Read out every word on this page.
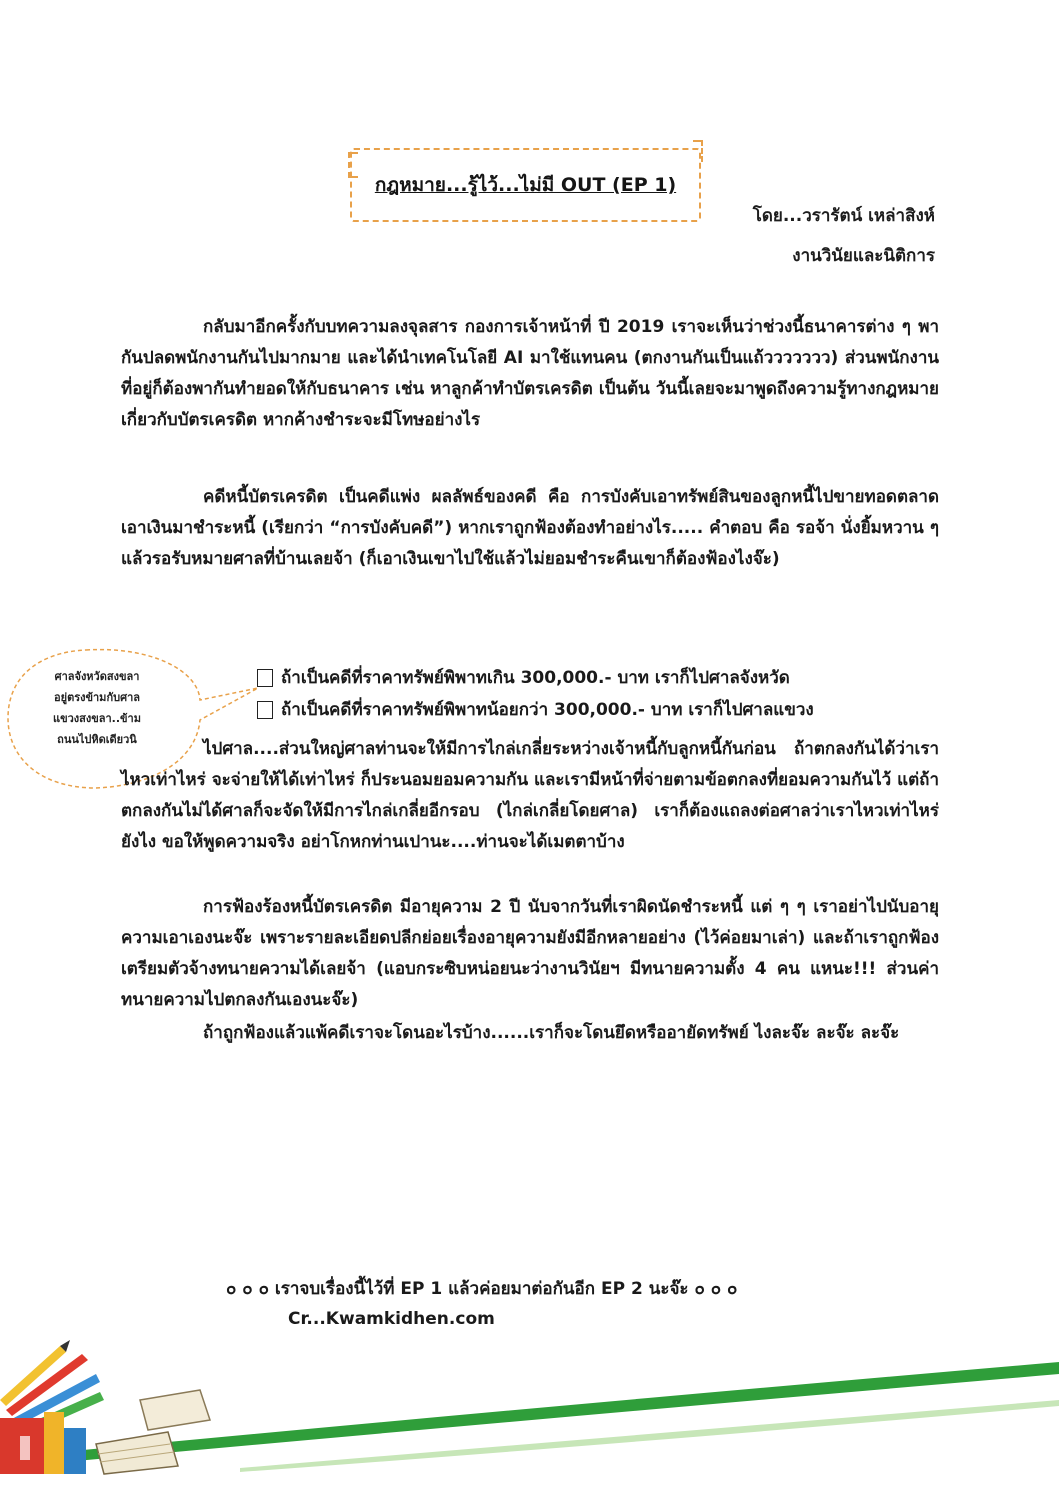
กฎหมาย...รู้ไว้...ไม่มี OUT (EP 1)
โดย...วรารัตน์ เหล่าสิงห์
งานวินัยและนิติการ

กลับมาอีกครั้งกับบทความลงจุลสาร กองการเจ้าหน้าที่ ปี 2019 เราจะเห็นว่าช่วงนี้ธนาคารต่าง ๆ พากันปลดพนักงานกันไปมากมาย และได้นำเทคโนโลยี AI มาใช้แทนคน (ตกงานกันเป็นแถ้ววววววว) ส่วนพนักงานที่อยู่ก็ต้องพากันทำยอดให้กับธนาคาร เช่น หาลูกค้าทำบัตรเครดิต เป็นต้น วันนี้เลยจะมาพูดถึงความรู้ทางกฎหมายเกี่ยวกับบัตรเครดิต หากค้างชำระจะมีโทษอย่างไร

คดีหนี้บัตรเครดิต เป็นคดีแพ่ง ผลลัพธ์ของคดี คือ การบังคับเอาทรัพย์สินของลูกหนี้ไปขายทอดตลาด เอาเงินมาชำระหนี้ (เรียกว่า “การบังคับคดี”) หากเราถูกฟ้องต้องทำอย่างไร..... คำตอบ คือ รอจ้า นั่งยิ้มหวาน ๆ แล้วรอรับหมายศาลที่บ้านเลยจ้า (ก็เอาเงินเขาไปใช้แล้วไม่ยอมชำระคืนเขาก็ต้องฟ้องไงจ๊ะ)

ถ้าเป็นคดีที่ราคาทรัพย์พิพาทเกิน 300,000.- บาท เราก็ไปศาลจังหวัด
ถ้าเป็นคดีที่ราคาทรัพย์พิพาทน้อยกว่า 300,000.- บาท เราก็ไปศาลแขวง
ศาลจังหวัดสงขลา
อยู่ตรงข้ามกับศาล
แขวงสงขลา..ข้าม
ถนนไปหิดเดียวนิ	ไปศาล....ส่วนใหญ่ศาลท่านจะให้มีการไกล่เกลี่ยระหว่างเจ้าหนี้กับลูกหนี้กันก่อน ถ้าตกลงกันได้ว่าเราไหวเท่าไหร่ จะจ่ายให้ได้เท่าไหร่ ก็ประนอมยอมความกัน และเรามีหน้าที่จ่ายตามข้อตกลงที่ยอมความกันไว้ แต่ถ้าตกลงกันไม่ได้ศาลก็จะจัดให้มีการไกล่เกลี่ยอีกรอบ (ไกล่เกลี่ยโดยศาล) เราก็ต้องแถลงต่อศาลว่าเราไหวเท่าไหร่ ยังไง ขอให้พูดความจริง อย่าโกหกท่านเปานะ....ท่านจะได้เมตตาบ้าง

การฟ้องร้องหนี้บัตรเครดิต มีอายุความ 2 ปี นับจากวันที่เราผิดนัดชำระหนี้ แต่ ๆ ๆ เราอย่าไปนับอายุความเอาเองนะจ๊ะ เพราะรายละเอียดปลีกย่อยเรื่องอายุความยังมีอีกหลายอย่าง (ไว้ค่อยมาเล่า) และถ้าเราถูกฟ้องเตรียมตัวจ้างทนายความได้เลยจ้า (แอบกระซิบหน่อยนะว่างานวินัยฯ มีทนายความตั้ง 4 คน แหนะ!!! ส่วนค่าทนายความไปตกลงกันเองนะจ๊ะ)

ถ้าถูกฟ้องแล้วแพ้คดีเราจะโดนอะไรบ้าง......เราก็จะโดนยึดหรืออายัดทรัพย์ ไงละจ๊ะ ละจ๊ะ ละจ๊ะ

๐ ๐ ๐ เราจบเรื่องนี้ไว้ที่ EP 1 แล้วค่อยมาต่อกันอีก EP 2 นะจ๊ะ ๐ ๐ ๐
Cr...Kwamkidhen.com
